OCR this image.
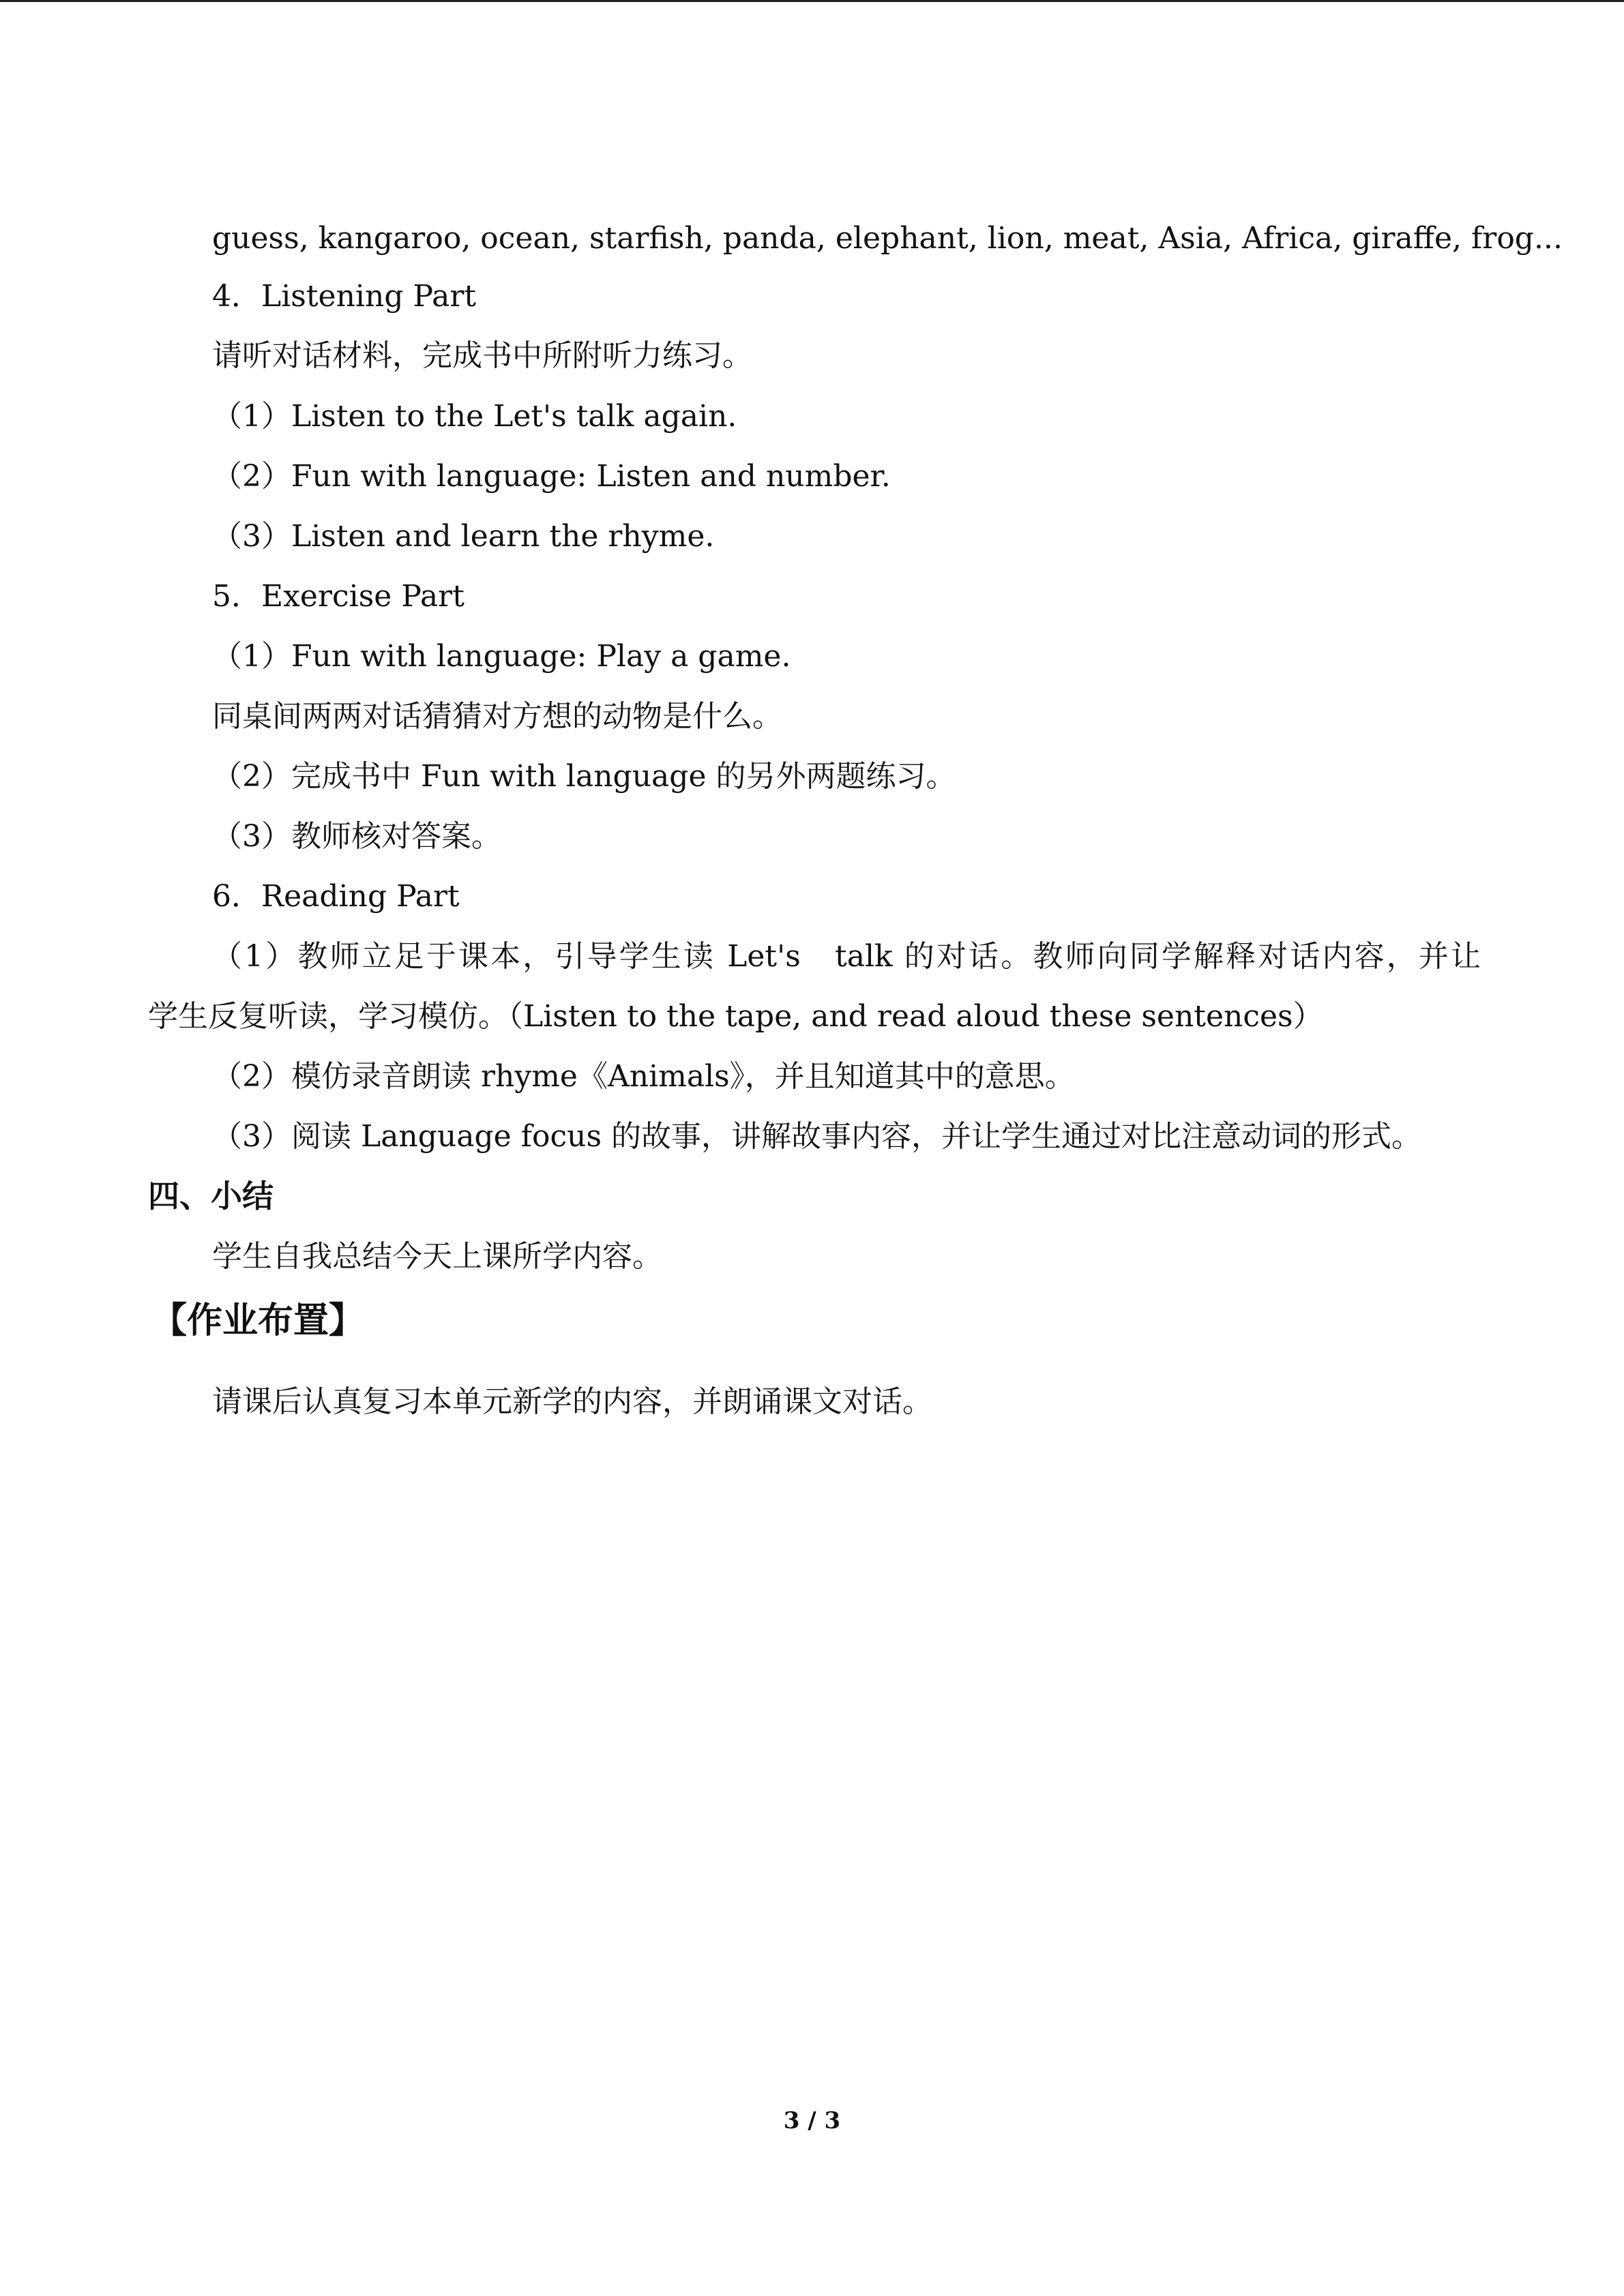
guess, kangaroo, ocean, starfish, panda, elephant, lion, meat, Asia, Africa, giraffe, frog...
4．Listening Part
请听对话材料，完成书中所附听力练习。
（1）Listen to the Let's talk again.
（2）Fun with language: Listen and number.
（3）Listen and learn the rhyme.
5．Exercise Part
（1）Fun with language: Play a game.
同桌间两两对话猜猜对方想的动物是什么。
（2）完成书中 Fun with language 的另外两题练习。
（3）教师核对答案。
6．Reading Part
（1）教师立足于课本，引导学生读 Let's　talk 的对话。教师向同学解释对话内容，并让
学生反复听读，学习模仿。（Listen to the tape, and read aloud these sentences）
（2）模仿录音朗读 rhyme《Animals》，并且知道其中的意思。
（3）阅读 Language focus 的故事，讲解故事内容，并让学生通过对比注意动词的形式。
四、小结
学生自我总结今天上课所学内容。
【作业布置】
请课后认真复习本单元新学的内容，并朗诵课文对话。
3 / 3
